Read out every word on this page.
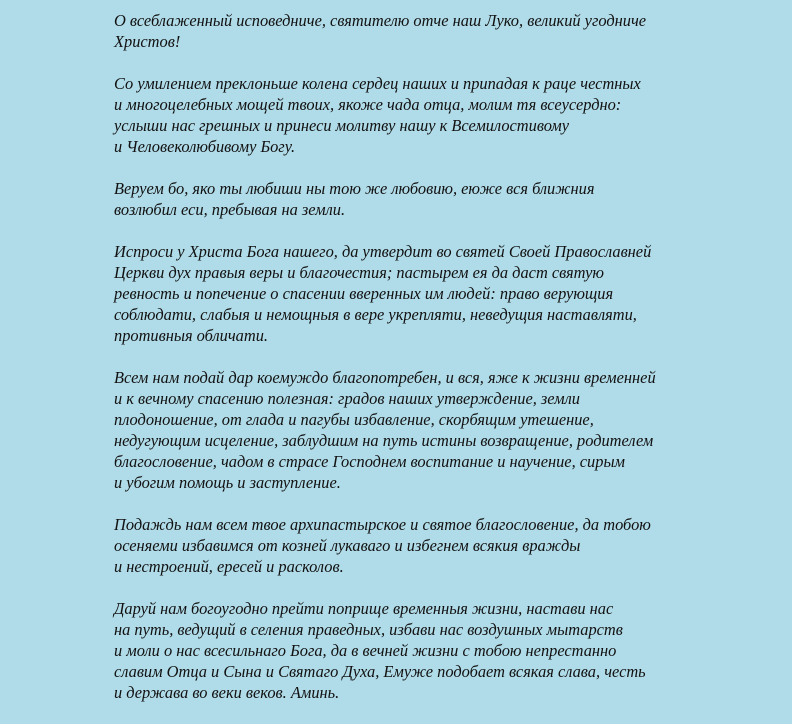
О всеблаженный исповедниче, святителю отче наш Луко, великий угодниче
Христов!

Со умилением преклоньше колена сердец наших и припадая к раце честных
и многоцелебных мощей твоих, якоже чада отца, молим тя всеусердно:
услыши нас грешных и принеси молитву нашу к Всемилостивому
и Человеколюбивому Богу.

Веруем бо, яко ты любиши ны тою же любовию, еюже вся ближния
возлюбил еси, пребывая на земли.

Испроси у Христа Бога нашего, да утвердит во святей Своей Православней
Церкви дух правыя веры и благочестия; пастырем ея да даст святую
ревность и попечение о спасении вверенных им людей: право верующия
соблюдати, слабыя и немощныя в вере укрепляти, неведущия наставляти,
противныя обличати.

Всем нам подай дар коемуждо благопотребен, и вся, яже к жизни временней
и к вечному спасению полезная: градов наших утверждение, земли
плодоношение, от глада и пагубы избавление, скорбящим утешение,
недугующим исцеление, заблудшим на путь истины возвращение, родителем
благословение, чадом в страсе Господнем воспитание и научение, сирым
и убогим помощь и заступление.

Подаждь нам всем твое архипастырское и святое благословение, да тобою
осеняеми избавимся от козней лукаваго и избегнем всякия вражды
и нестроений, ересей и расколов.

Даруй нам богоугодно прейти поприще временныя жизни, настави нас
на путь, ведущий в селения праведных, избави нас воздушных мытарств
и моли о нас всесильнаго Бога, да в вечней жизни с тобою непрестанно
славим Отца и Сына и Святаго Духа, Емуже подобает всякая слава, честь
и держава во веки веков. Аминь.
